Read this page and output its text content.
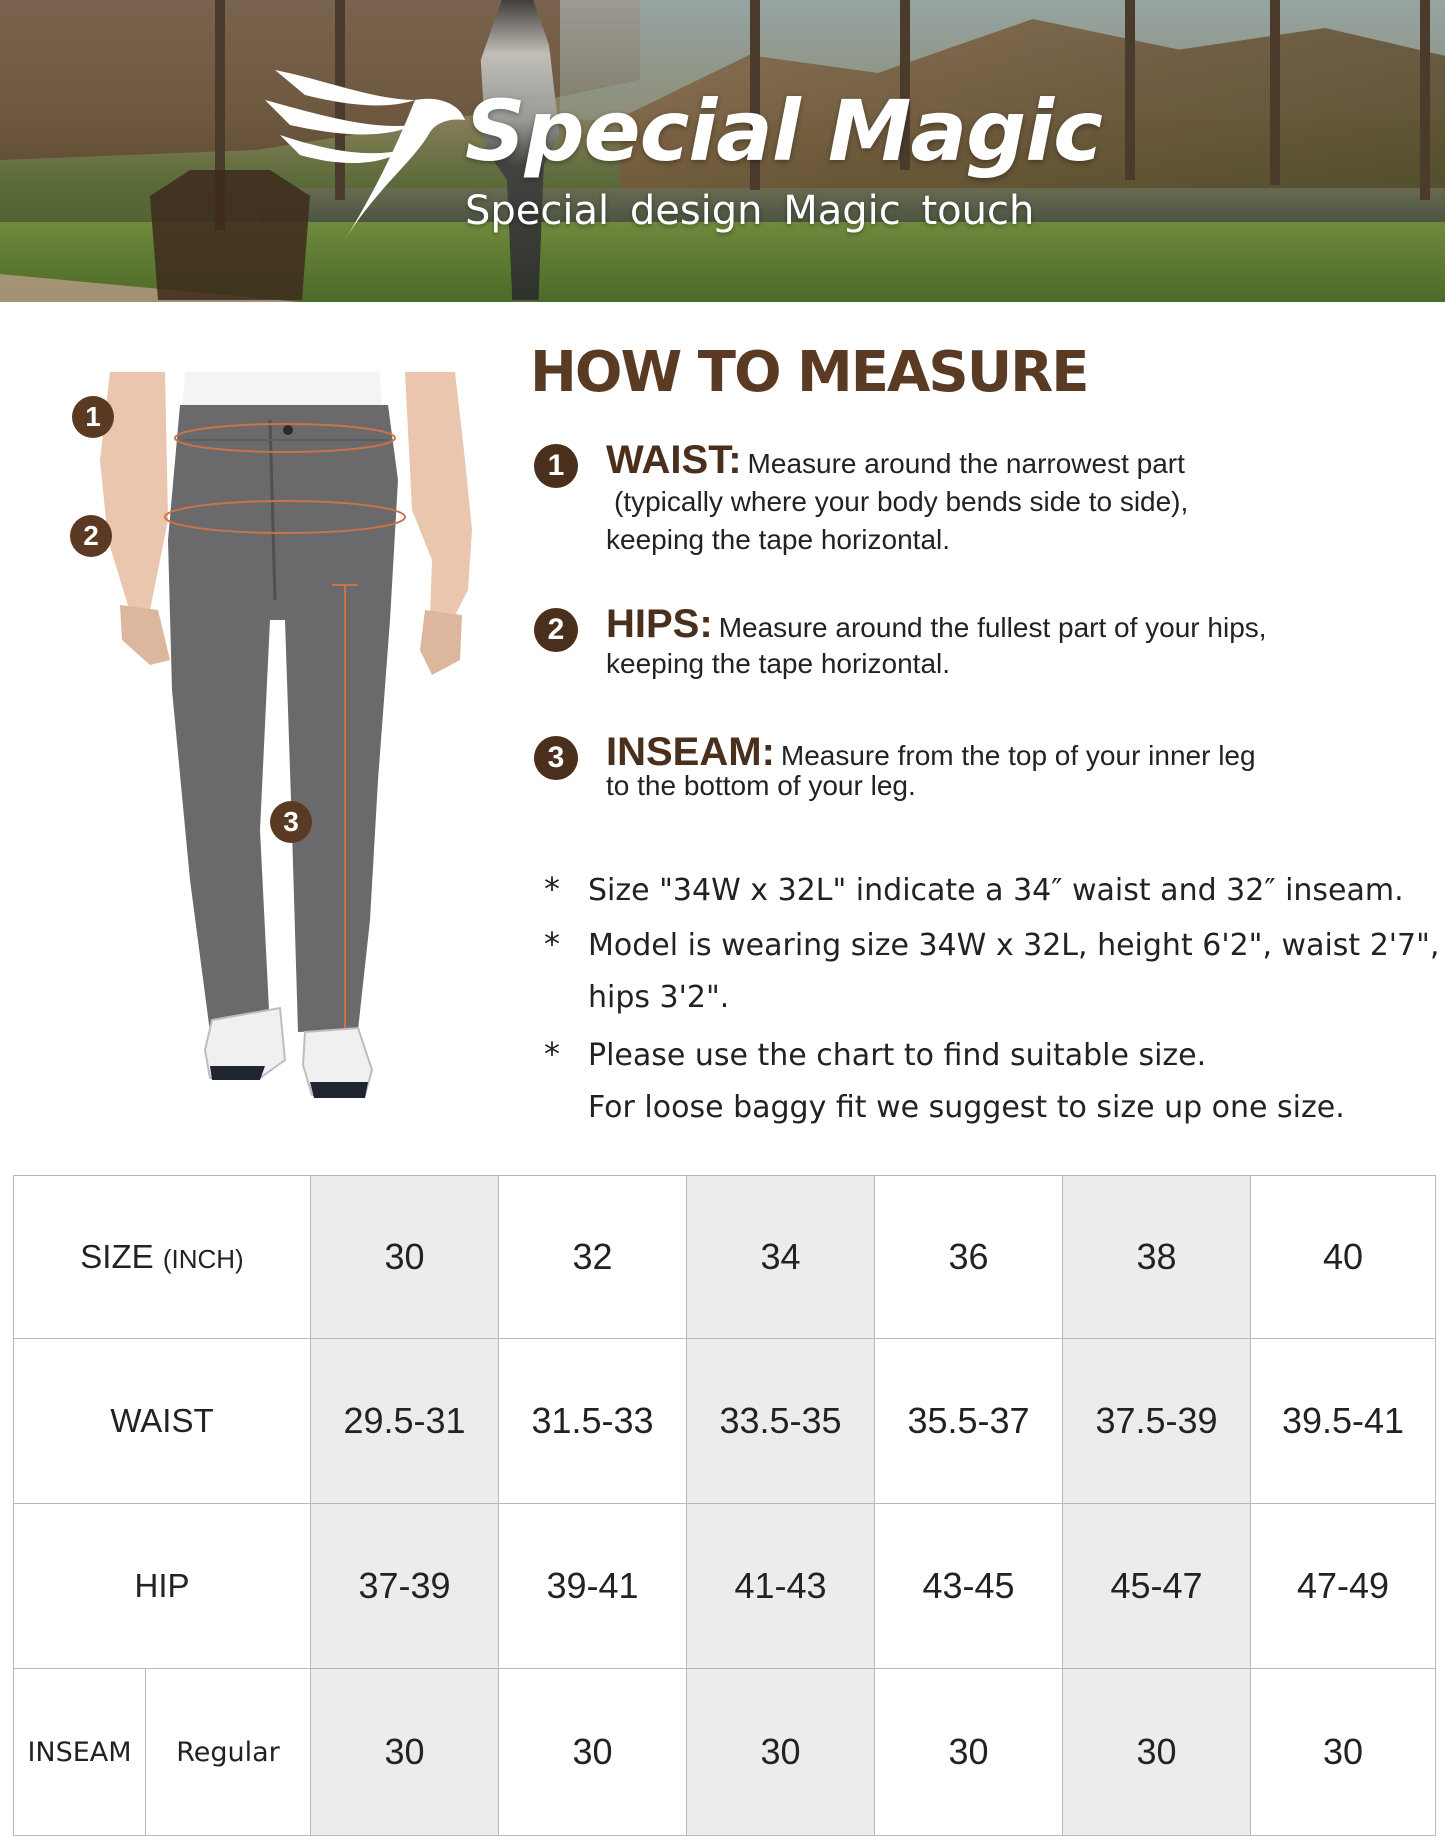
Special Magic
Special design Magic touch
1
2
3
HOW TO MEASURE
1	WAIST: Measure around the narrowest part
(typically where your body bends side to side),
keeping the tape horizontal.
2	HIPS: Measure around the fullest part of your hips,
keeping the tape horizontal.
3	INSEAM: Measure from the top of your inner leg
to the bottom of your leg.
* Size "34W x 32L" indicate a 34″ waist and 32″ inseam.
* Model is wearing size 34W x 32L, height 6'2", waist 2'7",
hips 3'2".
* Please use the chart to find suitable size.
For loose baggy fit we suggest to size up one size.
SIZE (INCH)		30	32	34	36	38	40
WAIST		29.5-31	31.5-33	33.5-35	35.5-37	37.5-39	39.5-41
HIP		37-39	39-41	41-43	43-45	45-47	47-49
INSEAM	Regular	30	30	30	30	30	30
